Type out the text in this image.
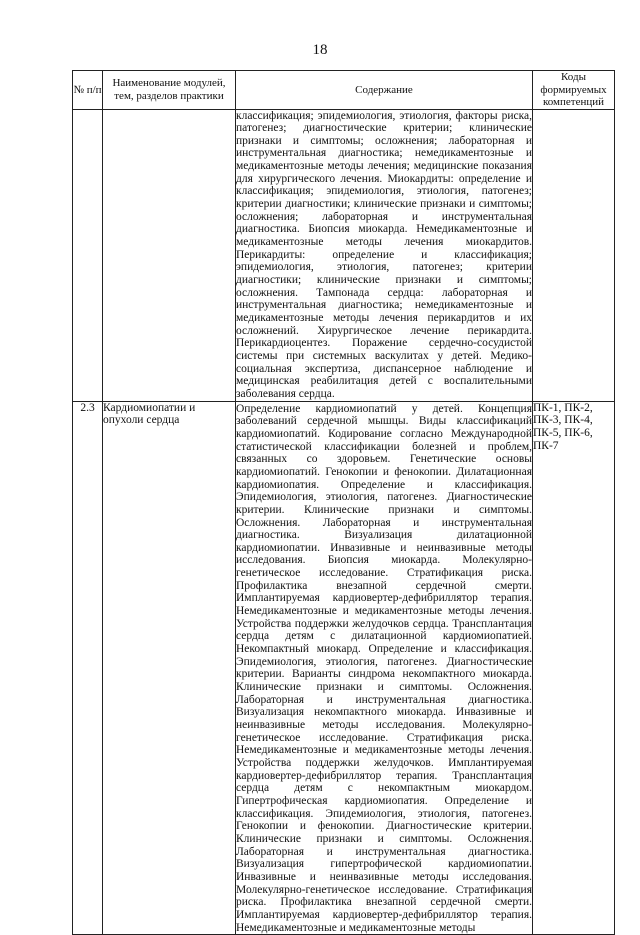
18
№ п/п	Наименование модулей, тем, разделов практики	Содержание	Коды формируемых компетенций
		классификация; эпидемиология, этиология, факторы риска, патогенез; диагностические критерии; клинические признаки и симптомы; осложнения; лабораторная и инструментальная диагностика; немедикаментозные и медикаментозные методы лечения; медицинские показания для хирургического лечения. Миокардиты: определение и классификация; эпидемиология, этиология, патогенез; критерии диагностики; клинические признаки и симптомы; осложнения; лабораторная и инструментальная диагностика. Биопсия миокарда. Немедикаментозные и медикаментозные методы лечения миокардитов. Перикардиты: определение и классификация; эпидемиология, этиология, патогенез; критерии диагностики; клинические признаки и симптомы; осложнения. Тампонада сердца: лабораторная и инструментальная диагностика; немедикаментозные и медикаментозные методы лечения перикардитов и их осложнений. Хирургическое лечение перикардита. Перикардиоцентез. Поражение сердечно-сосудистой системы при системных васкулитах у детей. Медико-социальная экспертиза, диспансерное наблюдение и медицинская реабилитация детей с воспалительными заболевания сердца.	
2.3	Кардиомиопатии и опухоли сердца	Определение кардиомиопатий у детей. Концепция заболеваний сердечной мышцы. Виды классификаций кардиомиопатий. Кодирование согласно Международной статистической классификации болезней и проблем, связанных со здоровьем. Генетические основы кардиомиопатий. Генокопии и фенокопии. Дилатационная кардиомиопатия. Определение и классификация. Эпидемиология, этиология, патогенез. Диагностические критерии. Клинические признаки и симптомы. Осложнения. Лабораторная и инструментальная диагностика. Визуализация дилатационной кардиомиопатии. Инвазивные и неинвазивные методы исследования. Биопсия миокарда. Молекулярно-генетическое исследование. Стратификация риска. Профилактика внезапной сердечной смерти. Имплантируемая кардиовертер-дефибриллятор терапия. Немедикаментозные и медикаментозные методы лечения. Устройства поддержки желудочков сердца. Трансплантация сердца детям с дилатационной кардиомиопатией. Некомпактный миокард. Определение и классификация. Эпидемиология, этиология, патогенез. Диагностические критерии. Варианты синдрома некомпактного миокарда. Клинические признаки и симптомы. Осложнения. Лабораторная и инструментальная диагностика. Визуализация некомпактного миокарда. Инвазивные и неинвазивные методы исследования. Молекулярно-генетическое исследование. Стратификация риска. Немедикаментозные и медикаментозные методы лечения. Устройства поддержки желудочков. Имплантируемая кардиовертер-дефибриллятор терапия. Трансплантация сердца детям с некомпактным миокардом. Гипертрофическая кардиомиопатия. Определение и классификация. Эпидемиология, этиология, патогенез. Генокопии и фенокопии. Диагностические критерии. Клинические признаки и симптомы. Осложнения. Лабораторная и инструментальная диагностика. Визуализация гипертрофической кардиомиопатии. Инвазивные и неинвазивные методы исследования. Молекулярно-генетическое исследование. Стратификация риска. Профилактика внезапной сердечной смерти. Имплантируемая кардиовертер-дефибриллятор терапия. Немедикаментозные и медикаментозные методы	ПК-1, ПК-2, ПК-3, ПК-4, ПК-5, ПК-6, ПК-7
